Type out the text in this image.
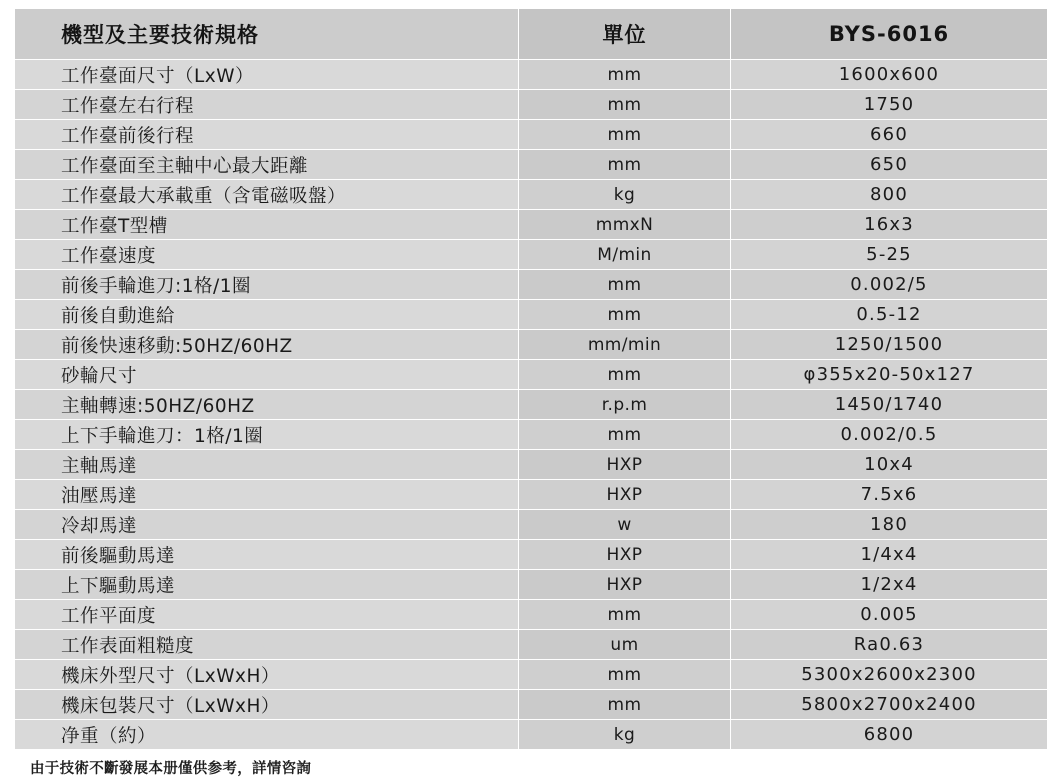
機型及主要技術規格	單位	BYS-6016
工作臺面尺寸（LxW）	mm	1600x600
工作臺左右行程	mm	1750
工作臺前後行程	mm	660
工作臺面至主軸中心最大距離	mm	650
工作臺最大承載重（含電磁吸盤）	kg	800
工作臺T型槽	mmxN	16x3
工作臺速度	M/min	5-25
前後手輪進刀:1格/1圈	mm	0.002/5
前後自動進給	mm	0.5-12
前後快速移動:50HZ/60HZ	mm/min	1250/1500
砂輪尺寸	mm	φ355x20-50x127
主軸轉速:50HZ/60HZ	r.p.m	1450/1740
上下手輪進刀：1格/1圈	mm	0.002/0.5
主軸馬達	HXP	10x4
油壓馬達	HXP	7.5x6
冷却馬達	w	180
前後驅動馬達	HXP	1/4x4
上下驅動馬達	HXP	1/2x4
工作平面度	mm	0.005
工作表面粗糙度	um	Ra0.63
機床外型尺寸（LxWxH）	mm	5300x2600x2300
機床包裝尺寸（LxWxH）	mm	5800x2700x2400
净重（約）	kg	6800
由于技術不斷發展本册僅供参考，詳情咨詢
